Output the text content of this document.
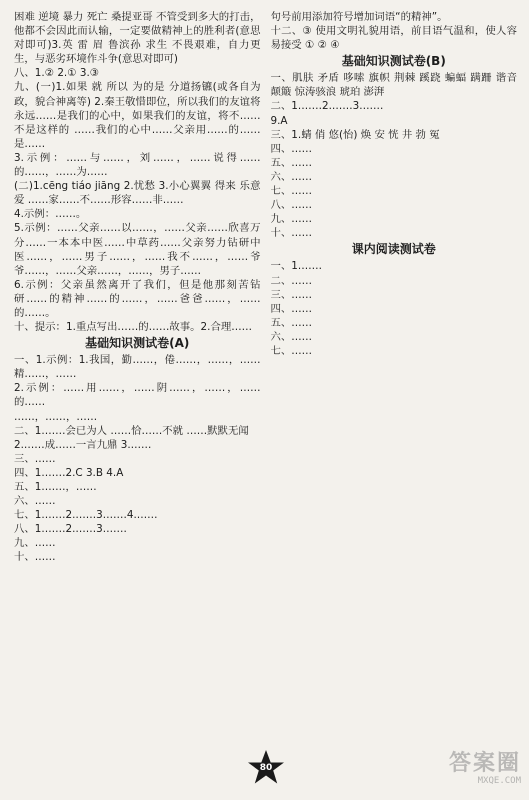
困难 逆境 暴力 死亡 桑提亚哥 不管受到多大的打击，他都不会因此而认输，一定要做精神上的胜利者(意思对即可)3.英 雷 眉 鲁滨孙 求生 不畏艰难，自力更生，与恶劣环境作斗争(意思对即可)

八、1.② 2.① 3.③

九、(一)1.如果 就 所以 为的是 分道扬镳(或各自为政，貌合神离等) 2.秦王敬惜即位，所以我们的友谊将永远……是我们的心中，如果我们的友谊，将不……不是这样的 ……我们的心中……父亲用……的……是……

3.示例：……与……，刘……，……说得……的……，……为……

(二)1.cēng tiáo jiāng 2.忧愁 3.小心翼翼 得来 乐意 爱 ……家……不……形容……非……

4.示例：……。

5.示例：……父亲……以……，……父亲……欣喜万分……一本本中医……中草药……父亲努力钻研中医……，……男子……，……我不……，……爷爷……，……父亲……，……，男子……

6.示例：父亲虽然离开了我们，但是他那刻苦钻研……的精神……的……，……爸爸……，……的……。

十、提示：1.重点写出……的……故事。2.合理……

基础知识测试卷(A)

一、1.示例：1.我国，勤……，倦……，……，……精……，……

2.示例：……用……，……阴……，……，……的……

……，……，……

二、1.……会已为人 ……恰……不就 ……默默无闻

2.……成……一言九鼎 3.……

三、……

四、1.……2.C 3.B 4.A

五、1.……，……

六、……

七、1.……2.……3.……4.……

八、1.……2.……3.……

九、……

十、……

句号前用添加符号增加词语“的精神”。

十二、③ 使用文明礼貌用语，前目语气温和，使人容易接受 ① ② ④

基础知识测试卷(B)

一、肌肤 矛盾 哆嗦 旗帜 荆棘 蹊跷 蝙蝠 蹒跚 谐音 颠簸 惊涛骇浪 琥珀 澎湃

二、1.……2.……3.……

9.A

三、1.蜻 俏 悠(怡) 焕 安 恍 井 勃 冤

四、……

五、……

六、……

七、……

八、……

九、……

十、……

课内阅读测试卷

一、1.……

二、……

三、……

四、……

五、……

六、……

七、……

80	答案圈
MXQE.COM
